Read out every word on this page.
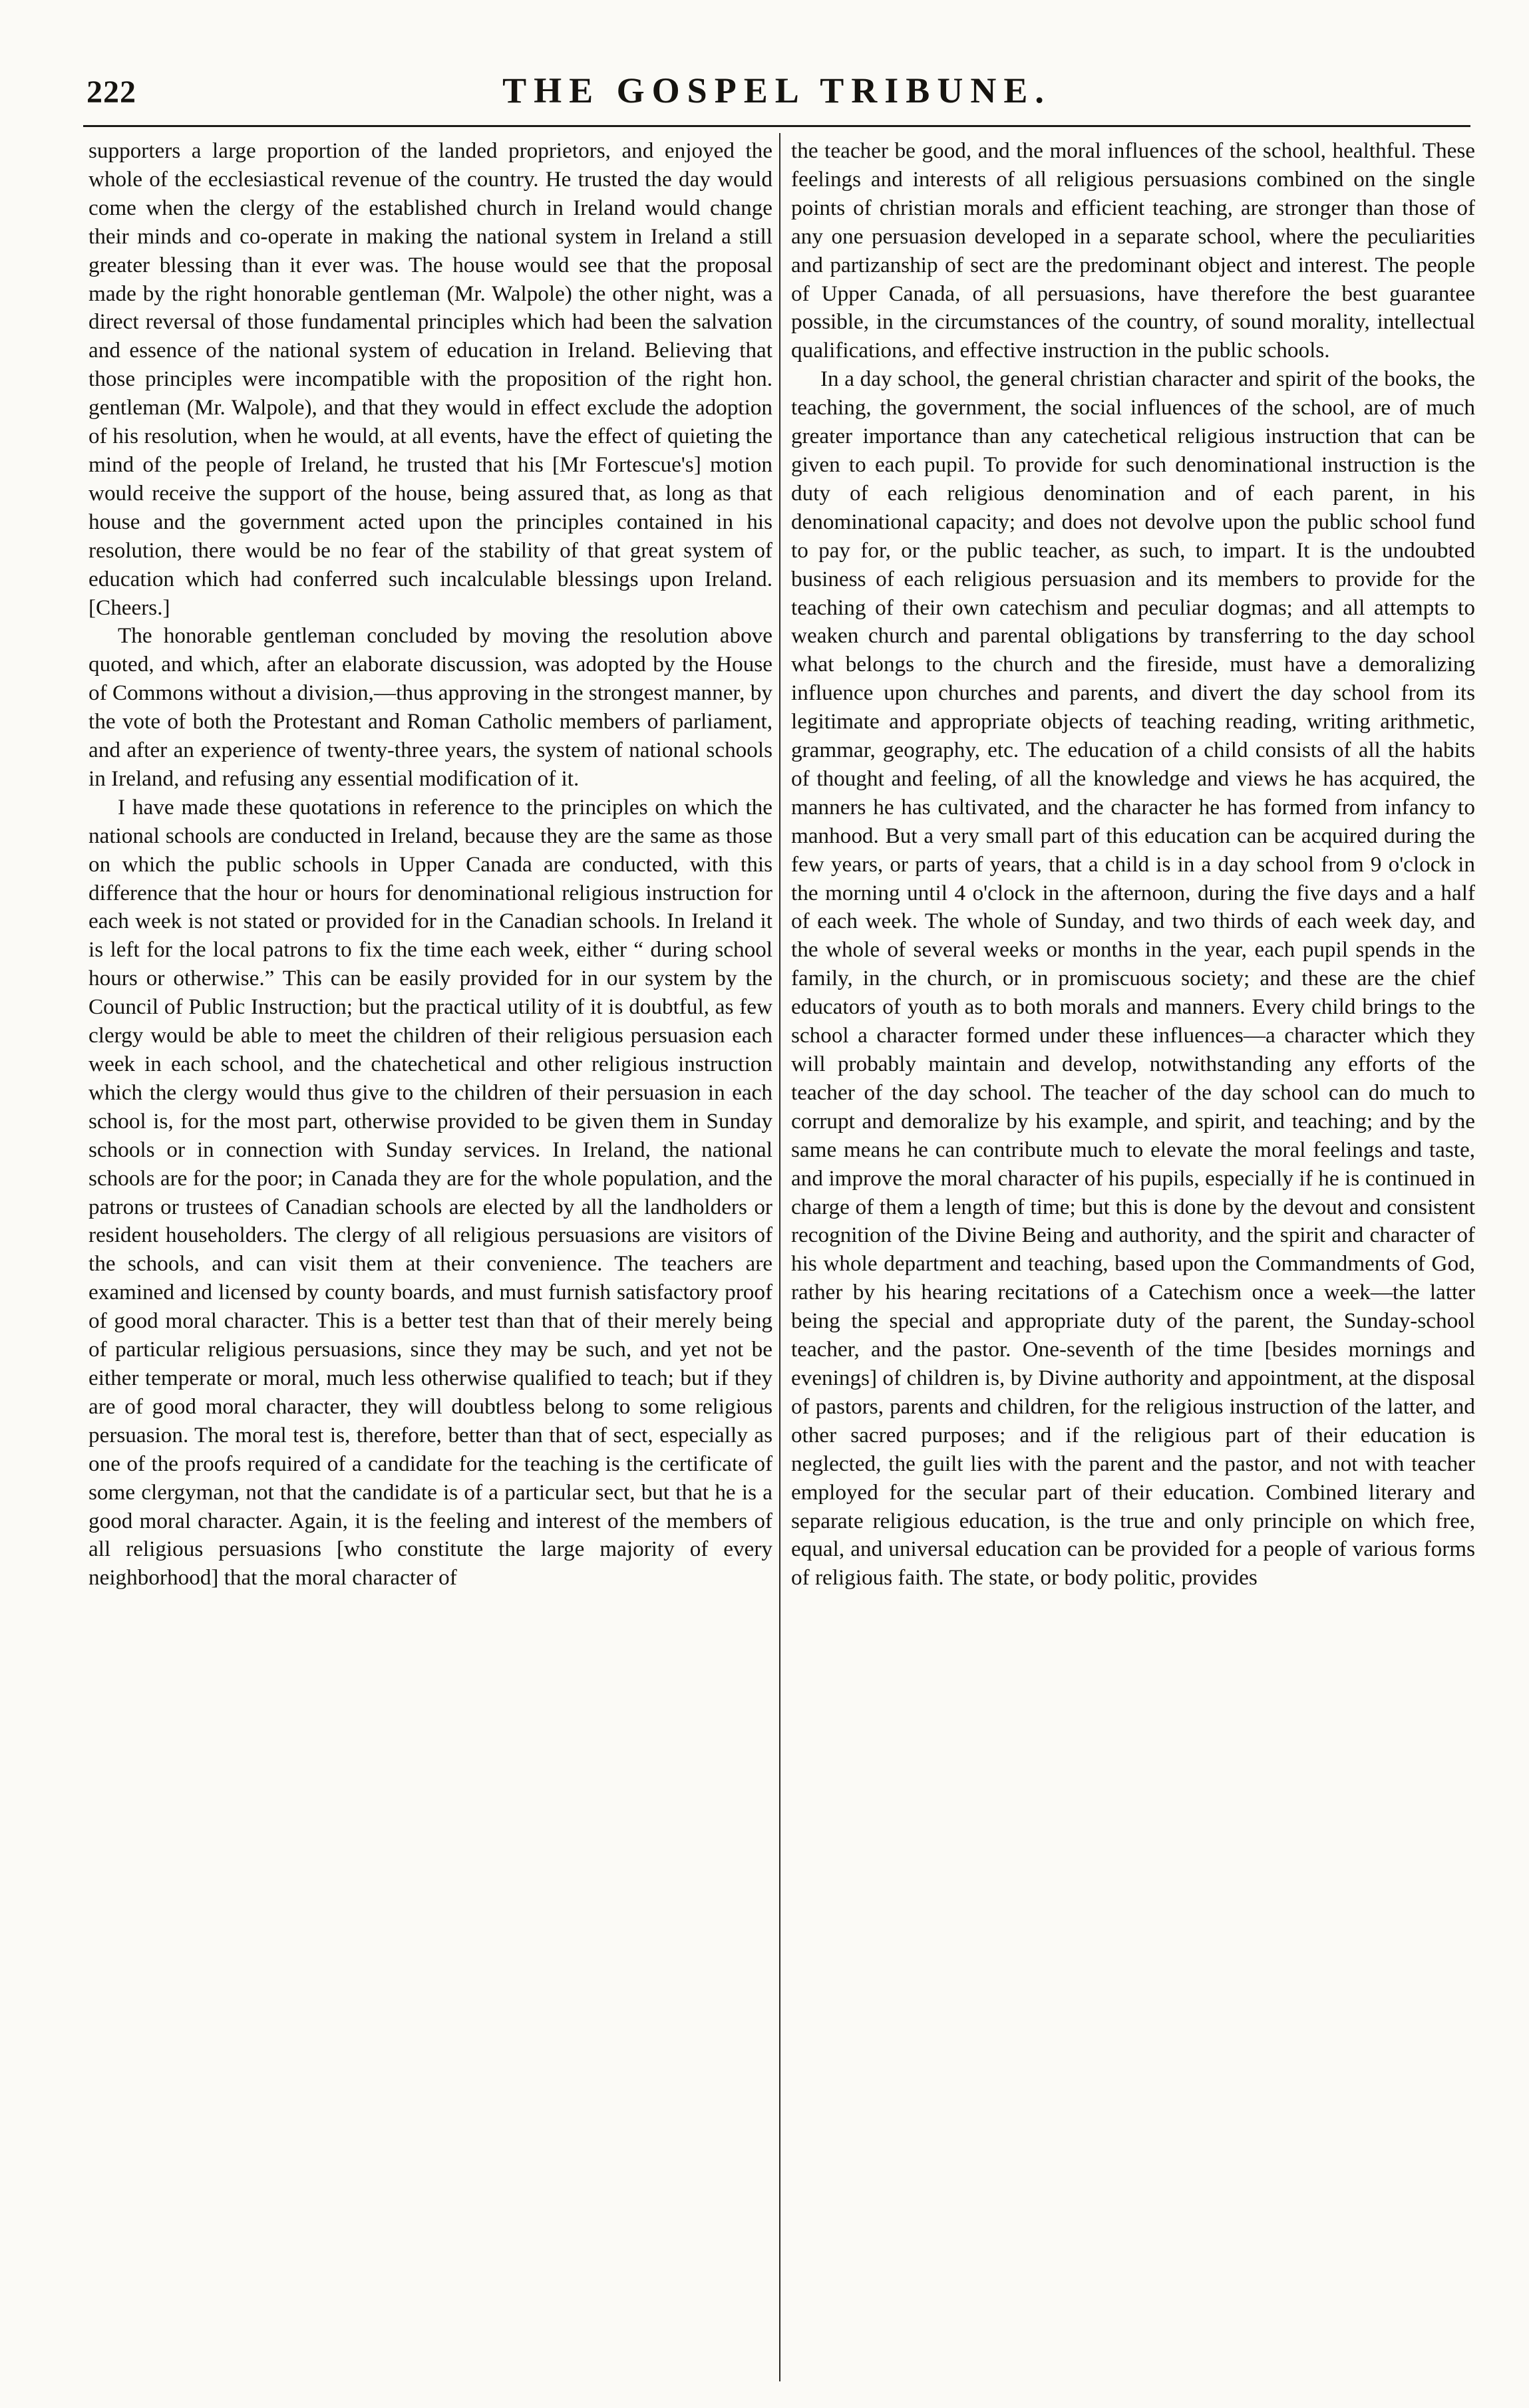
222	THE GOSPEL TRIBUNE.

supporters a large proportion of the landed proprietors, and enjoyed the whole of the ecclesiastical revenue of the country. He trusted the day would come when the clergy of the established church in Ireland would change their minds and co-operate in making the national system in Ireland a still greater blessing than it ever was. The house would see that the proposal made by the right honorable gentleman (Mr. Walpole) the other night, was a direct reversal of those fundamental principles which had been the salvation and essence of the national system of education in Ireland. Believing that those principles were incompatible with the proposition of the right hon. gentleman (Mr. Walpole), and that they would in effect exclude the adoption of his resolution, when he would, at all events, have the effect of quieting the mind of the people of Ireland, he trusted that his [Mr Fortescue's] motion would receive the support of the house, being assured that, as long as that house and the government acted upon the principles contained in his resolution, there would be no fear of the stability of that great system of education which had conferred such incalculable blessings upon Ireland. [Cheers.]

The honorable gentleman concluded by moving the resolution above quoted, and which, after an elaborate discussion, was adopted by the House of Commons without a division,—thus approving in the strongest manner, by the vote of both the Protestant and Roman Catholic members of parliament, and after an experience of twenty-three years, the system of national schools in Ireland, and refusing any essential modification of it.

I have made these quotations in reference to the principles on which the national schools are conducted in Ireland, because they are the same as those on which the public schools in Upper Canada are conducted, with this difference that the hour or hours for denominational religious instruction for each week is not stated or provided for in the Canadian schools. In Ireland it is left for the local patrons to fix the time each week, either “ during school hours or otherwise.” This can be easily provided for in our system by the Council of Public Instruction; but the practical utility of it is doubtful, as few clergy would be able to meet the children of their religious persuasion each week in each school, and the chatechetical and other religious instruction which the clergy would thus give to the children of their persuasion in each school is, for the most part, otherwise provided to be given them in Sunday schools or in connection with Sunday services. In Ireland, the national schools are for the poor; in Canada they are for the whole population, and the patrons or trustees of Canadian schools are elected by all the landholders or resident householders. The clergy of all religious persuasions are visitors of the schools, and can visit them at their convenience. The teachers are examined and licensed by county boards, and must furnish satisfactory proof of good moral character. This is a better test than that of their merely being of particular religious persuasions, since they may be such, and yet not be either temperate or moral, much less otherwise qualified to teach; but if they are of good moral character, they will doubtless belong to some religious persuasion. The moral test is, therefore, better than that of sect, especially as one of the proofs required of a candidate for the teaching is the certificate of some clergyman, not that the candidate is of a particular sect, but that he is a good moral character. Again, it is the feeling and interest of the members of all religious persuasions [who constitute the large majority of every neighborhood] that the moral character of

the teacher be good, and the moral influences of the school, healthful. These feelings and interests of all religious persuasions combined on the single points of christian morals and efficient teaching, are stronger than those of any one persuasion developed in a separate school, where the peculiarities and partizanship of sect are the predominant object and interest. The people of Upper Canada, of all persuasions, have therefore the best guarantee possible, in the circumstances of the country, of sound morality, intellectual qualifications, and effective instruction in the public schools.

In a day school, the general christian character and spirit of the books, the teaching, the government, the social influences of the school, are of much greater importance than any catechetical religious instruction that can be given to each pupil. To provide for such denominational instruction is the duty of each religious denomination and of each parent, in his denominational capacity; and does not devolve upon the public school fund to pay for, or the public teacher, as such, to impart. It is the undoubted business of each religious persuasion and its members to provide for the teaching of their own catechism and peculiar dogmas; and all attempts to weaken church and parental obligations by transferring to the day school what belongs to the church and the fireside, must have a demoralizing influence upon churches and parents, and divert the day school from its legitimate and appropriate objects of teaching reading, writing arithmetic, grammar, geography, etc. The education of a child consists of all the habits of thought and feeling, of all the knowledge and views he has acquired, the manners he has cultivated, and the character he has formed from infancy to manhood. But a very small part of this education can be acquired during the few years, or parts of years, that a child is in a day school from 9 o'clock in the morning until 4 o'clock in the afternoon, during the five days and a half of each week. The whole of Sunday, and two thirds of each week day, and the whole of several weeks or months in the year, each pupil spends in the family, in the church, or in promiscuous society; and these are the chief educators of youth as to both morals and manners. Every child brings to the school a character formed under these influences—a character which they will probably maintain and develop, notwithstanding any efforts of the teacher of the day school. The teacher of the day school can do much to corrupt and demoralize by his example, and spirit, and teaching; and by the same means he can contribute much to elevate the moral feelings and taste, and improve the moral character of his pupils, especially if he is continued in charge of them a length of time; but this is done by the devout and consistent recognition of the Divine Being and authority, and the spirit and character of his whole department and teaching, based upon the Commandments of God, rather by his hearing recitations of a Catechism once a week—the latter being the special and appropriate duty of the parent, the Sunday-school teacher, and the pastor. One-seventh of the time [besides mornings and evenings] of children is, by Divine authority and appointment, at the disposal of pastors, parents and children, for the religious instruction of the latter, and other sacred purposes; and if the religious part of their education is neglected, the guilt lies with the parent and the pastor, and not with teacher employed for the secular part of their education. Combined literary and separate religious education, is the true and only principle on which free, equal, and universal education can be provided for a people of various forms of religious faith. The state, or body politic, provides
